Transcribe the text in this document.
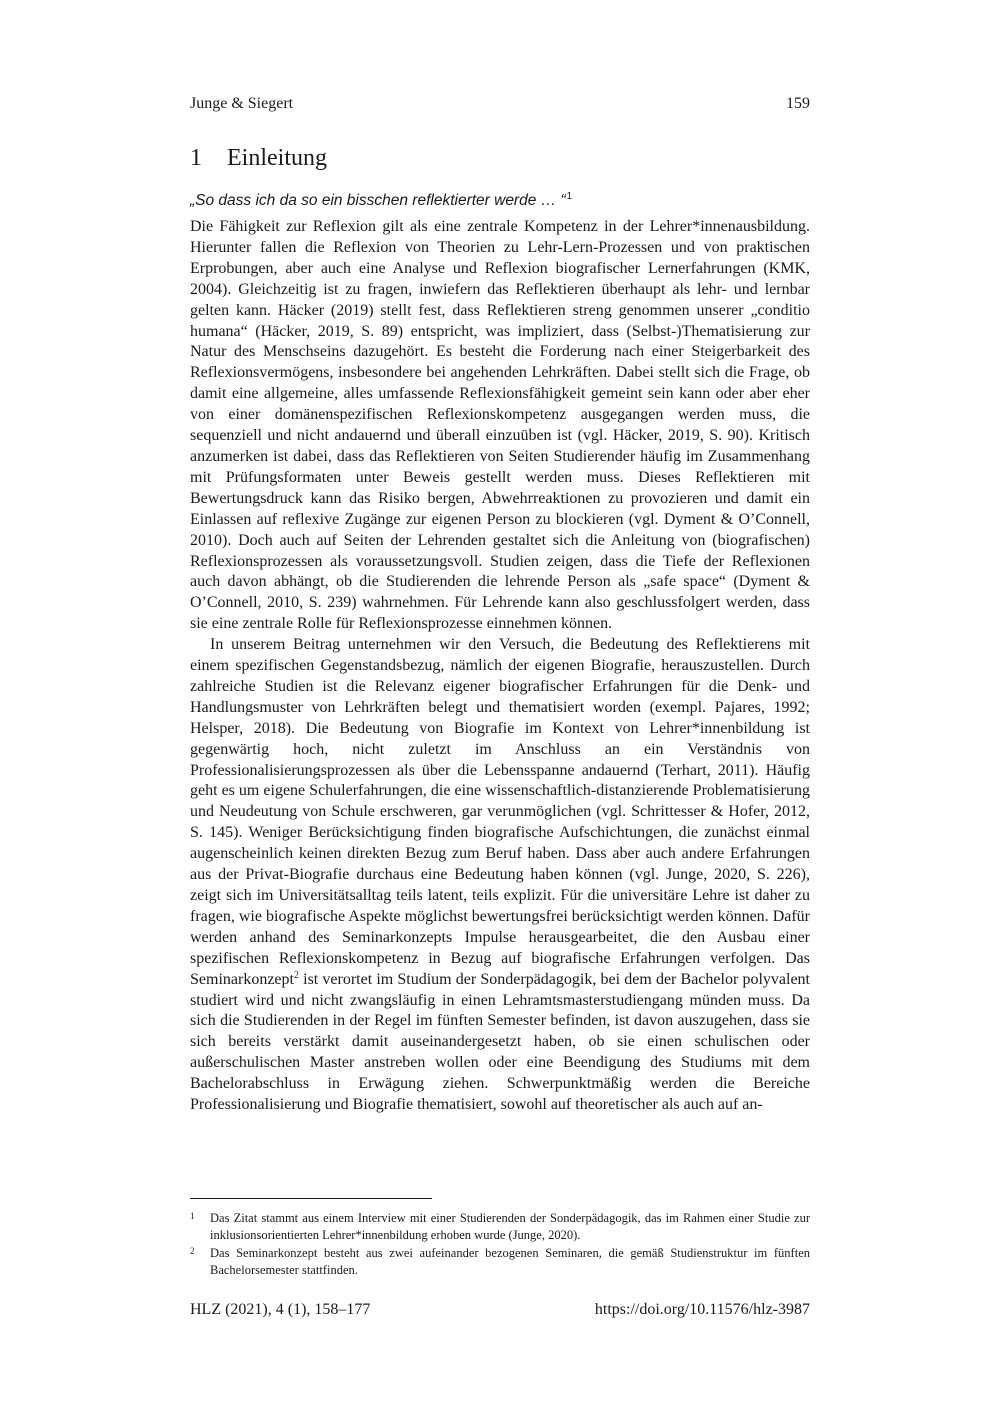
Junge & Siegert	159
1 Einleitung
„So dass ich da so ein bisschen reflektierter werde … “$^1$

Die Fähigkeit zur Reflexion gilt als eine zentrale Kompetenz in der Lehrer*innenausbildung. Hierunter fallen die Reflexion von Theorien zu Lehr-Lern-Prozessen und von praktischen Erprobungen, aber auch eine Analyse und Reflexion biografischer Lernerfahrungen (KMK, 2004). Gleichzeitig ist zu fragen, inwiefern das Reflektieren überhaupt als lehr- und lernbar gelten kann. Häcker (2019) stellt fest, dass Reflektieren streng genommen unserer „conditio humana“ (Häcker, 2019, S. 89) entspricht, was impliziert, dass (Selbst-)Thematisierung zur Natur des Menschseins dazugehört. Es besteht die Forderung nach einer Steigerbarkeit des Reflexionsvermögens, insbesondere bei angehenden Lehrkräften. Dabei stellt sich die Frage, ob damit eine allgemeine, alles umfassende Reflexionsfähigkeit gemeint sein kann oder aber eher von einer domänenspezifischen Reflexionskompetenz ausgegangen werden muss, die sequenziell und nicht andauernd und überall einzuüben ist (vgl. Häcker, 2019, S. 90). Kritisch anzumerken ist dabei, dass das Reflektieren von Seiten Studierender häufig im Zusammenhang mit Prüfungsformaten unter Beweis gestellt werden muss. Dieses Reflektieren mit Bewertungsdruck kann das Risiko bergen, Abwehrreaktionen zu provozieren und damit ein Einlassen auf reflexive Zugänge zur eigenen Person zu blockieren (vgl. Dyment & O’Connell, 2010). Doch auch auf Seiten der Lehrenden gestaltet sich die Anleitung von (biografischen) Reflexionsprozessen als voraussetzungsvoll. Studien zeigen, dass die Tiefe der Reflexionen auch davon abhängt, ob die Studierenden die lehrende Person als „safe space“ (Dyment & O’Connell, 2010, S. 239) wahrnehmen. Für Lehrende kann also geschlussfolgert werden, dass sie eine zentrale Rolle für Reflexionsprozesse einnehmen können.

In unserem Beitrag unternehmen wir den Versuch, die Bedeutung des Reflektierens mit einem spezifischen Gegenstandsbezug, nämlich der eigenen Biografie, herauszustellen. Durch zahlreiche Studien ist die Relevanz eigener biografischer Erfahrungen für die Denk- und Handlungsmuster von Lehrkräften belegt und thematisiert worden (exempl. Pajares, 1992; Helsper, 2018). Die Bedeutung von Biografie im Kontext von Lehrer*innenbildung ist gegenwärtig hoch, nicht zuletzt im Anschluss an ein Verständnis von Professionalisierungsprozessen als über die Lebensspanne andauernd (Terhart, 2011). Häufig geht es um eigene Schulerfahrungen, die eine wissenschaftlich-distanzierende Problematisierung und Neudeutung von Schule erschweren, gar verunmöglichen (vgl. Schrittesser & Hofer, 2012, S. 145). Weniger Berücksichtigung finden biografische Aufschichtungen, die zunächst einmal augenscheinlich keinen direkten Bezug zum Beruf haben. Dass aber auch andere Erfahrungen aus der Privat-Biografie durchaus eine Bedeutung haben können (vgl. Junge, 2020, S. 226), zeigt sich im Universitätsalltag teils latent, teils explizit. Für die universitäre Lehre ist daher zu fragen, wie biografische Aspekte möglichst bewertungsfrei berücksichtigt werden können. Dafür werden anhand des Seminarkonzepts Impulse herausgearbeitet, die den Ausbau einer spezifischen Reflexionskompetenz in Bezug auf biografische Erfahrungen verfolgen. Das Seminarkonzept$^2$ ist verortet im Studium der Sonderpädagogik, bei dem der Bachelor polyvalent studiert wird und nicht zwangsläufig in einen Lehramtsmasterstudiengang münden muss. Da sich die Studierenden in der Regel im fünften Semester befinden, ist davon auszugehen, dass sie sich bereits verstärkt damit auseinandergesetzt haben, ob sie einen schulischen oder außerschulischen Master anstreben wollen oder eine Beendigung des Studiums mit dem Bachelorabschluss in Erwägung ziehen. Schwerpunktmäßig werden die Bereiche Professionalisierung und Biografie thematisiert, sowohl auf theoretischer als auch auf an-

1 Das Zitat stammt aus einem Interview mit einer Studierenden der Sonderpädagogik, das im Rahmen einer Studie zur inklusionsorientierten Lehrer*innenbildung erhoben wurde (Junge, 2020).
2 Das Seminarkonzept besteht aus zwei aufeinander bezogenen Seminaren, die gemäß Studienstruktur im fünften Bachelorsemester stattfinden.
HLZ (2021), 4 (1), 158–177	https://doi.org/10.11576/hlz-3987
